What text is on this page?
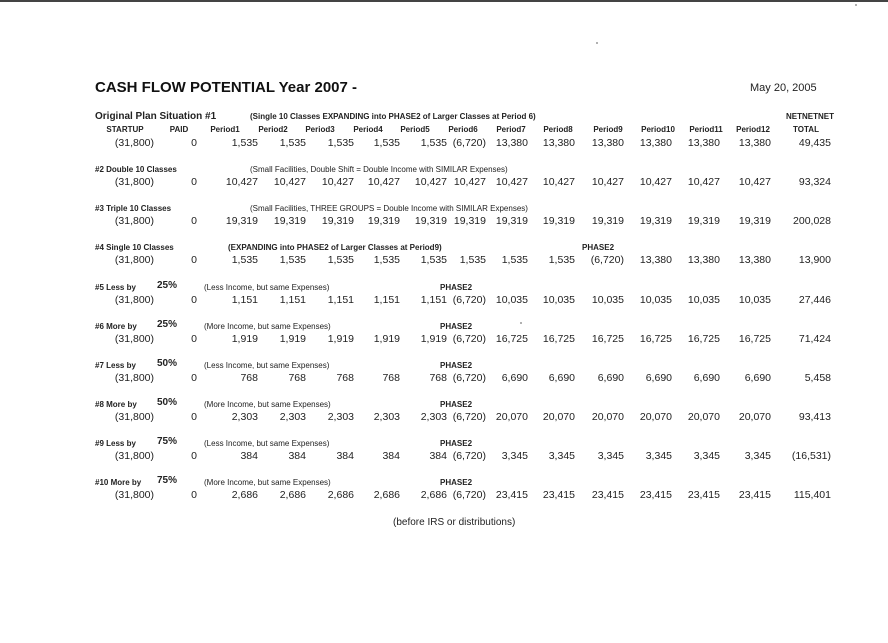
CASH FLOW POTENTIAL Year 2007 -	May 20, 2005
Original Plan Situation #1	(Single 10 Classes EXPANDING into PHASE2 of Larger Classes at Period 6)	NETNETNET
STARTUP	PAID	Period1 Period2 Period3 Period4 Period5 Period6 Period7 Period8	Period9 Period10 Period11 Period12	TOTAL
(31,800)	0	1,535 1,535 1,535 1,535 1,535 (6,720) 13,380 13,380 13,380 13,380 13,380 13,380	49,435
#2 Double 10 Classes	(Small Facilities, Double Shift = Double Income with SIMILAR Expenses)
(31,800)	0	10,427 10,427 10,427 10,427 10,427 10,427 10,427 10,427 10,427 10,427 10,427 10,427	93,324
#3 Triple 10 Classes	(Small Facilities, THREE GROUPS = Double Income with SIMILAR Expenses)
(31,800)	0	19,319 19,319 19,319 19,319 19,319 19,319 19,319 19,319 19,319 19,319 19,319 19,319 200,028
#4 Single 10 Classes	(EXPANDING into PHASE2 of Larger Classes at Period9)	PHASE2
(31,800)	0	1,535 1,535 1,535 1,535 1,535 1,535 1,535 1,535 (6,720) 13,380 13,380 13,380	13,900
#5 Less by 25%	(Less Income, but same Expenses)	PHASE2
(31,800)	0	1,151 1,151 1,151 1,151 1,151 (6,720) 10,035 10,035 10,035 10,035 10,035 10,035	27,446
#6 More by 25%	(More Income, but same Expenses)	PHASE2
(31,800)	0	1,919 1,919 1,919 1,919 1,919 (6,720) 16,725 16,725 16,725 16,725 16,725 16,725	71,424
#7 Less by 50%	(Less Income, but same Expenses)	PHASE2
(31,800)	0	768	768	768	768	768 (6,720) 6,690 6,690 6,690 6,690 6,690 6,690	5,458
#8 More by 50%	(More Income, but same Expenses)	PHASE2
(31,800)	0	2,303 2,303 2,303 2,303 2,303 (6,720) 20,070 20,070 20,070 20,070 20,070 20,070	93,413
#9 Less by 75%	(Less Income, but same Expenses)	PHASE2
(31,800)	0	384	384	384	384	384 (6,720) 3,345 3,345 3,345 3,345 3,345 3,345 (16,531)
#10 More by 75%	(More Income, but same Expenses)	PHASE2
(31,800)	0	2,686 2,686 2,686 2,686 2,686 (6,720) 23,415 23,415 23,415 23,415 23,415 23,415 115,401
(before IRS or distributions)
